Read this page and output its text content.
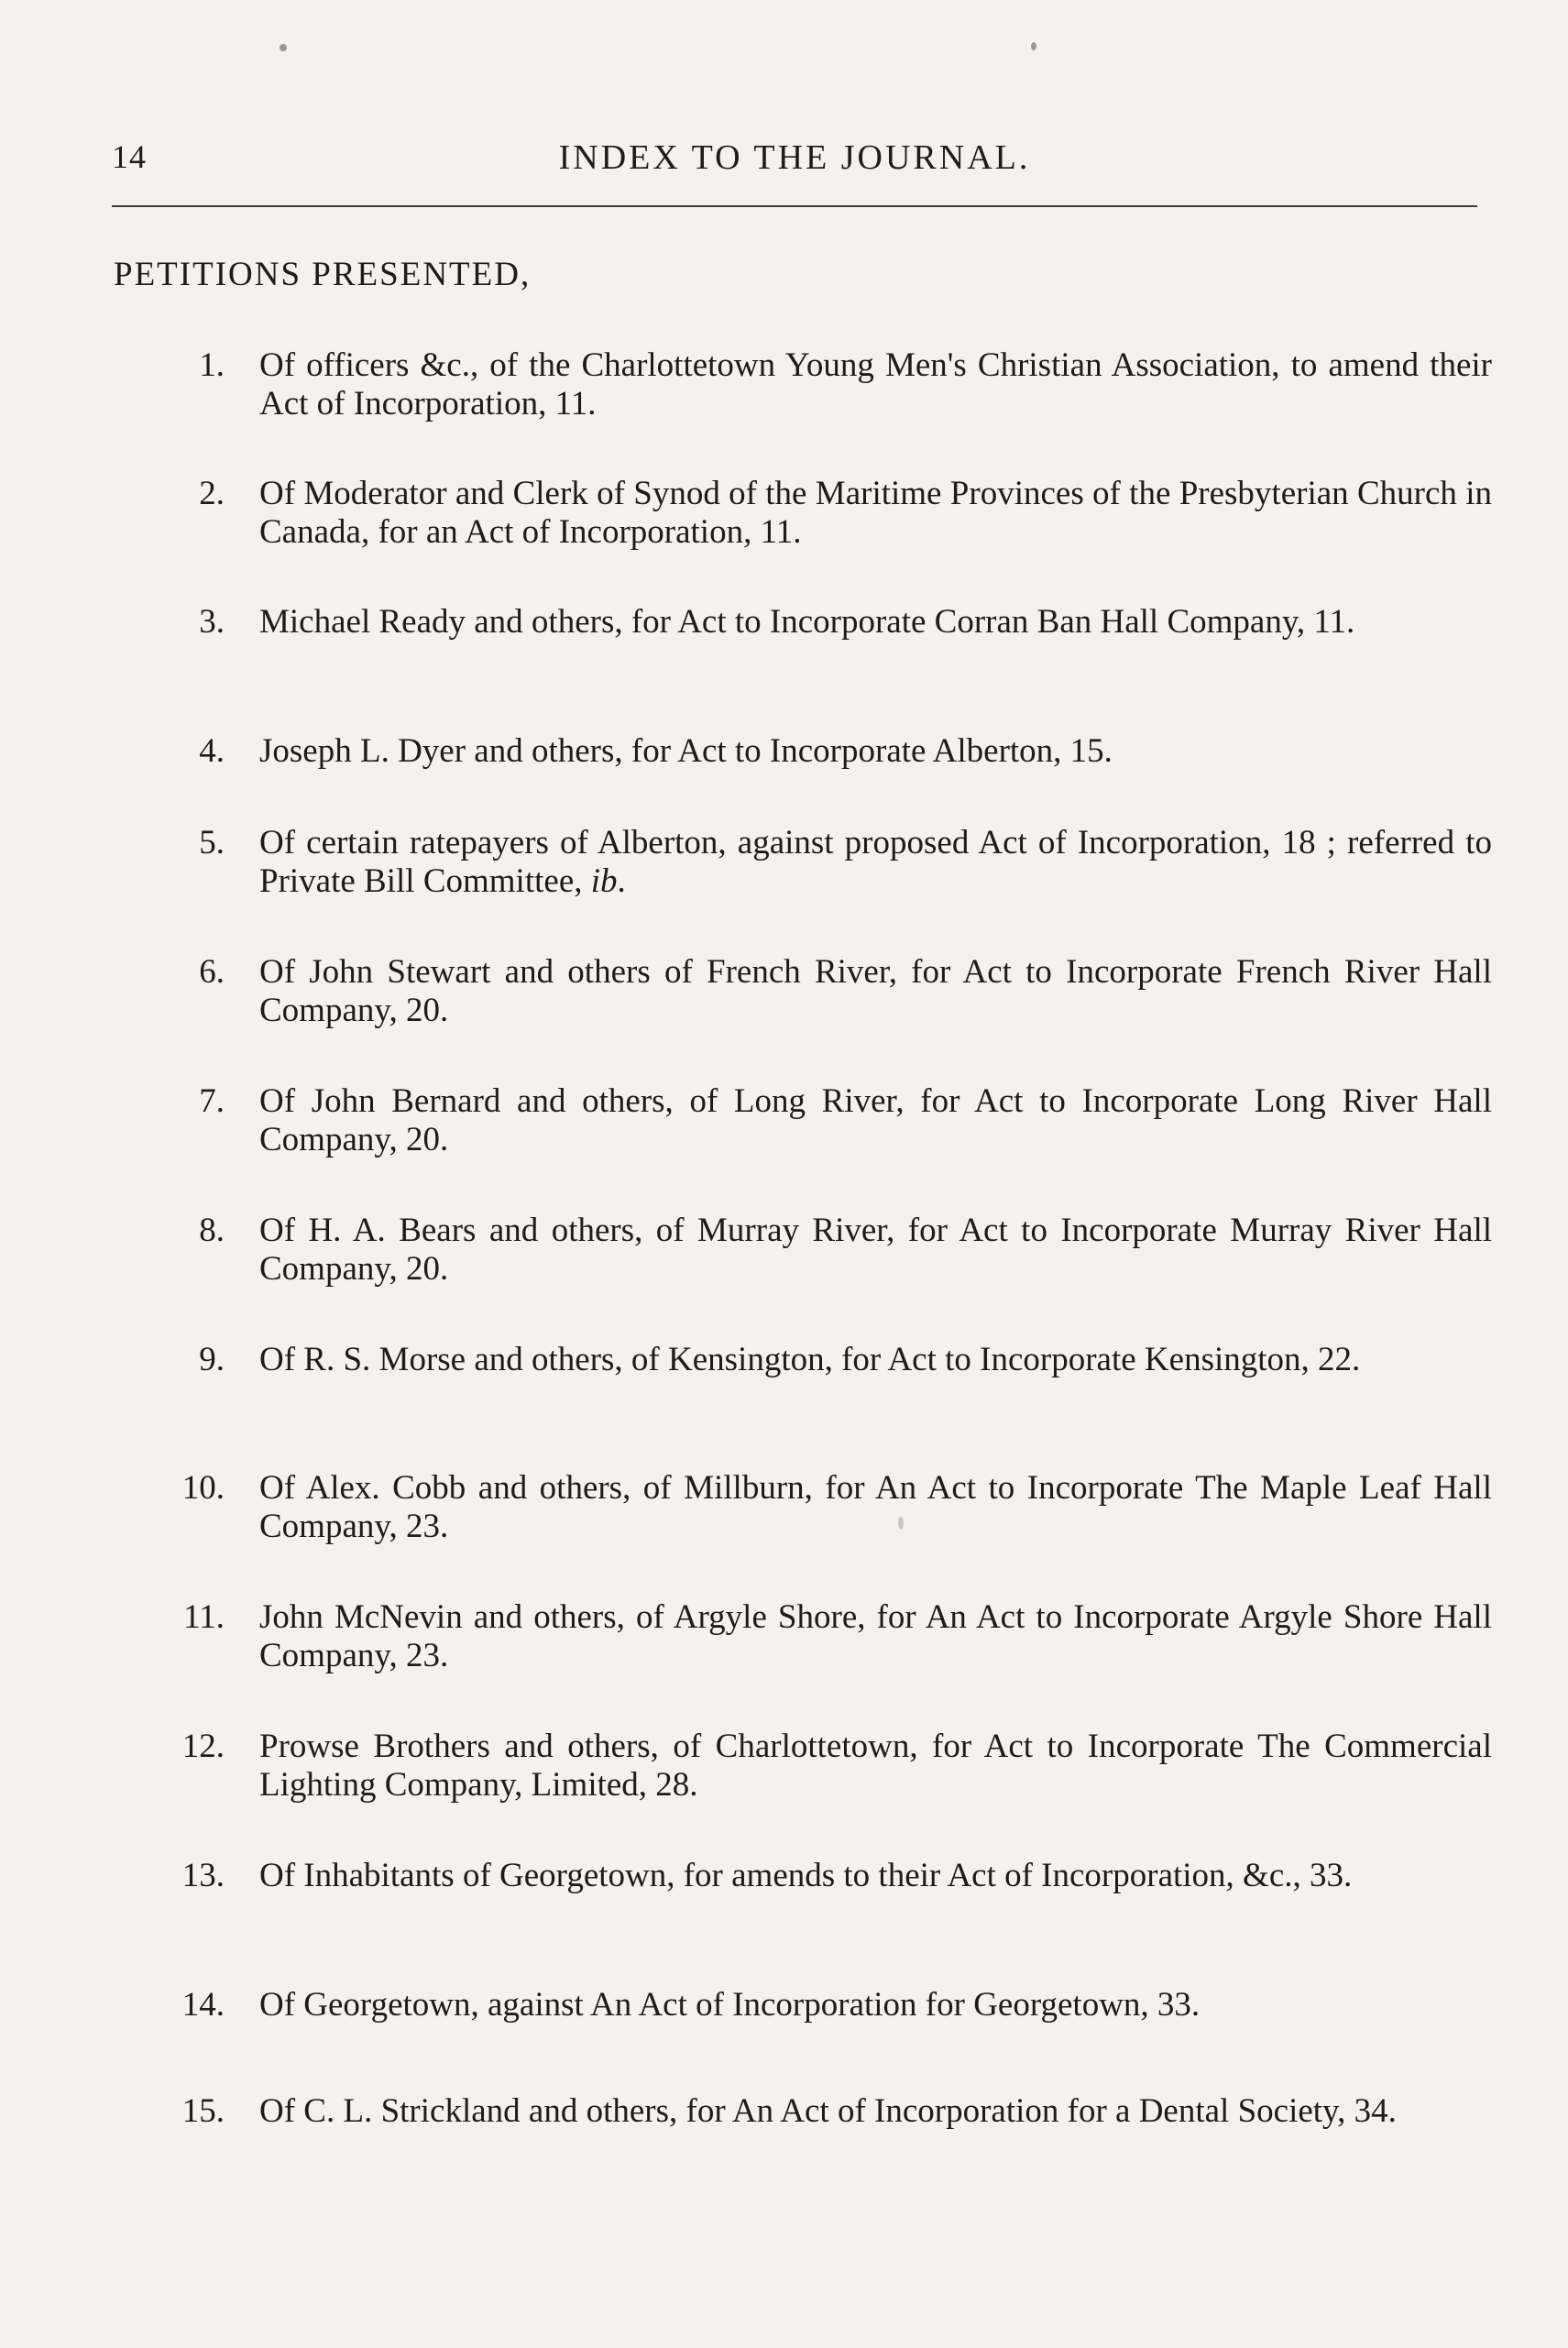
14	INDEX TO THE JOURNAL.
PETITIONS PRESENTED,
1. Of officers &c., of the Charlottetown Young Men's Christian Association, to amend their Act of Incorporation, 11.
2. Of Moderator and Clerk of Synod of the Maritime Provinces of the Presbyterian Church in Canada, for an Act of Incorporation, 11.
3. Michael Ready and others, for Act to Incorporate Corran Ban Hall Company, 11.
4. Joseph L. Dyer and others, for Act to Incorporate Alberton, 15.
5. Of certain ratepayers of Alberton, against proposed Act of Incorporation, 18 ; referred to Private Bill Committee, ib.
6. Of John Stewart and others of French River, for Act to Incorporate French River Hall Company, 20.
7. Of John Bernard and others, of Long River, for Act to Incorporate Long River Hall Company, 20.
8. Of H. A. Bears and others, of Murray River, for Act to Incorporate Murray River Hall Company, 20.
9. Of R. S. Morse and others, of Kensington, for Act to Incorporate Kensington, 22.
10. Of Alex. Cobb and others, of Millburn, for An Act to Incorporate The Maple Leaf Hall Company, 23.
11. John McNevin and others, of Argyle Shore, for An Act to Incorporate Argyle Shore Hall Company, 23.
12. Prowse Brothers and others, of Charlottetown, for Act to Incorporate The Commercial Lighting Company, Limited, 28.
13. Of Inhabitants of Georgetown, for amends to their Act of Incorporation, &c., 33.
14. Of Georgetown, against An Act of Incorporation for Georgetown, 33.
15. Of C. L. Strickland and others, for An Act of Incorporation for a Dental Society, 34.
